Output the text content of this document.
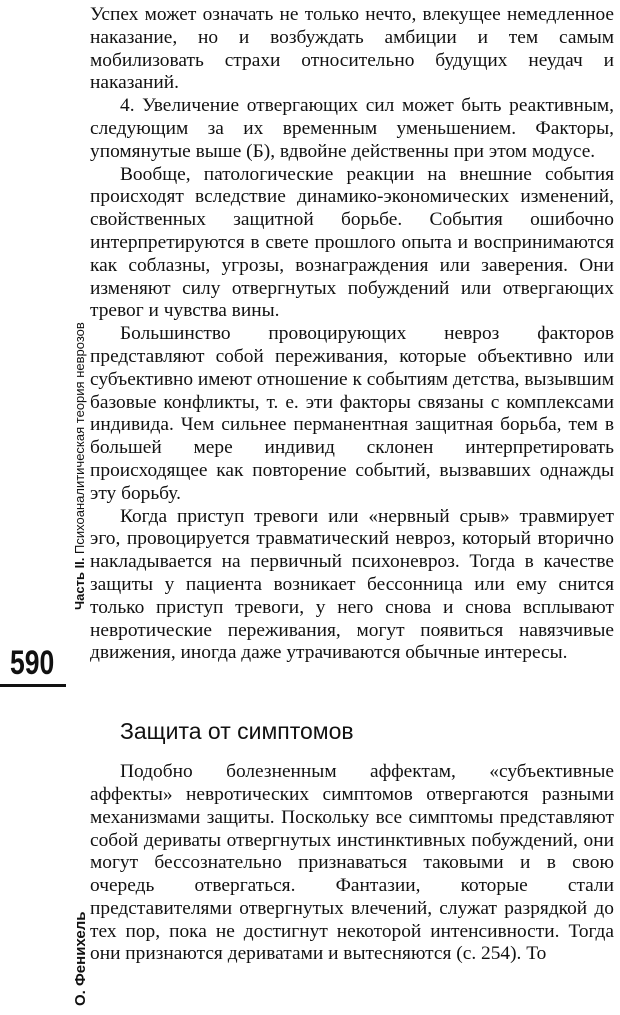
Часть II. Психоаналитическая теория неврозов
590
О. Фенихель

Успех может означать не только нечто, влекущее немедленное наказание, но и возбуждать амбиции и тем самым мобилизовать страхи относительно будущих неудач и наказаний.

4. Увеличение отвергающих сил может быть реактивным, следующим за их временным уменьшением. Факторы, упомянутые выше (Б), вдвойне действенны при этом модусе.

Вообще, патологические реакции на внешние события происходят вследствие динамико-экономических изменений, свойственных защитной борьбе. События ошибочно интерпретируются в свете прошлого опыта и воспринимаются как соблазны, угрозы, вознаграждения или заверения. Они изменяют силу отвергнутых побуждений или отвергающих тревог и чувства вины.

Большинство провоцирующих невроз факторов представляют собой переживания, которые объективно или субъективно имеют отношение к событиям детства, вызывшим базовые конфликты, т. е. эти факторы связаны с комплексами индивида. Чем сильнее перманентная защитная борьба, тем в большей мере индивид склонен интерпретировать происходящее как повторение событий, вызвавших однажды эту борьбу.

Когда приступ тревоги или «нервный срыв» травмирует эго, провоцируется травматический невроз, который вторично накладывается на первичный психоневроз. Тогда в качестве защиты у пациента возникает бессонница или ему снится только приступ тревоги, у него снова и снова всплывают невротические переживания, могут появиться навязчивые движения, иногда даже утрачиваются обычные интересы.

Защита от симптомов

Подобно болезненным аффектам, «субъективные аффекты» невротических симптомов отвергаются разными механизмами защиты. Поскольку все симптомы представляют собой дериваты отвергнутых инстинктивных побуждений, они могут бессознательно признаваться таковыми и в свою очередь отвергаться. Фантазии, которые стали представителями отвергнутых влечений, служат разрядкой до тех пор, пока не достигнут некоторой интенсивности. Тогда они признаются дериватами и вытесняются (с. 254). То
